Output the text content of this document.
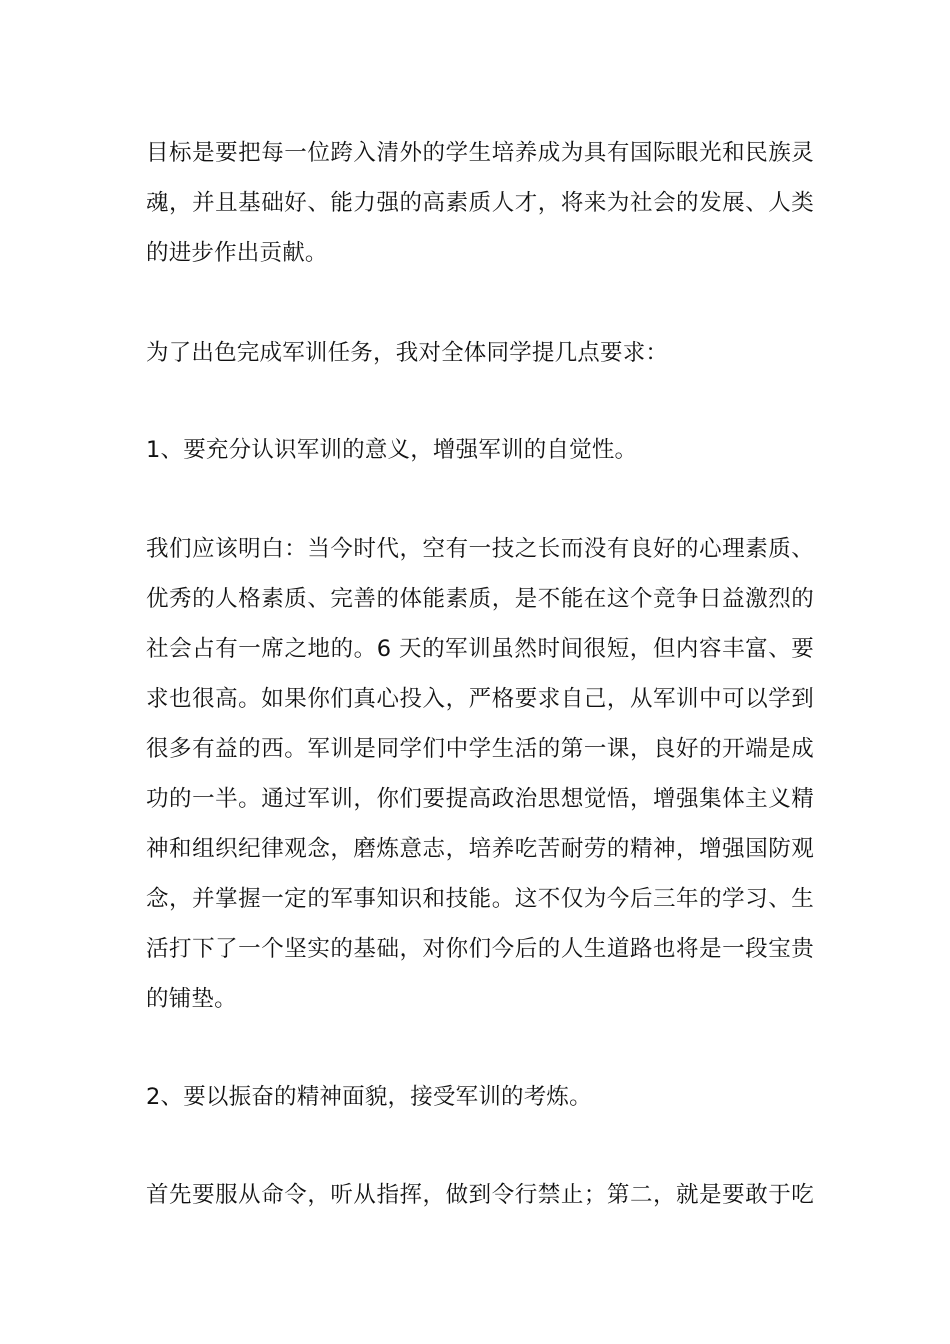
目标是要把每一位跨入清外的学生培养成为具有国际眼光和民族灵
魂，并且基础好、能力强的高素质人才，将来为社会的发展、人类
的进步作出贡献。
为了出色完成军训任务，我对全体同学提几点要求：
1、要充分认识军训的意义，增强军训的自觉性。
我们应该明白：当今时代，空有一技之长而没有良好的心理素质、
优秀的人格素质、完善的体能素质，是不能在这个竞争日益激烈的
社会占有一席之地的。6 天的军训虽然时间很短，但内容丰富、要
求也很高。如果你们真心投入，严格要求自己，从军训中可以学到
很多有益的西。军训是同学们中学生活的第一课，良好的开端是成
功的一半。通过军训，你们要提高政治思想觉悟，增强集体主义精
神和组织纪律观念，磨炼意志，培养吃苦耐劳的精神，增强国防观
念，并掌握一定的军事知识和技能。这不仅为今后三年的学习、生
活打下了一个坚实的基础，对你们今后的人生道路也将是一段宝贵
的铺垫。
2、要以振奋的精神面貌，接受军训的考炼。
首先要服从命令，听从指挥，做到令行禁止；第二，就是要敢于吃
